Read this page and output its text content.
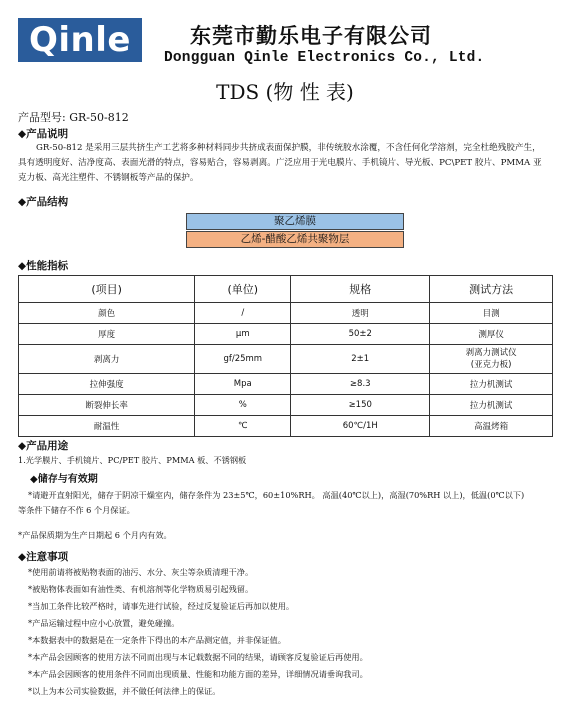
Qinle	东莞市勤乐电子有限公司
Dongguan Qinle Electronics Co., Ltd.
TDS (物 性 表)
产品型号: GR-50-812
◆产品说明
GR-50-812 是采用三层共挤生产工艺将多种材料同步共挤成表面保护膜，非传统胶水涂覆，不含任何化学溶剂，完全杜绝残胶产生，
具有透明度好、洁净度高、表面光滑的特点，容易贴合，容易剥离。广泛应用于光电膜片、手机镜片、导光板、PC\PET 胶片、PMMA 亚
克力板、高光注塑件、不锈钢板等产品的保护。
◆产品结构
聚乙烯膜
乙烯-醋酸乙烯共聚物层
◆性能指标
(项目)	(单位)	规格	测试方法
颜色	/	透明	目测
厚度	μm	50±2	测厚仪
剥离力	gf/25mm	2±1	剥离力测试仪
(亚克力板)
拉伸强度	Mpa	≥8.3	拉力机测试
断裂伸长率	%	≥150	拉力机测试
耐温性	℃	60℃/1H	高温烤箱
◆产品用途
1.光学膜片、手机镜片、PC/PET 胶片、PMMA 板、不锈钢板
◆储存与有效期
*请避开直射阳光，储存于阴凉干燥室内，储存条件为 23±5℃，60±10%RH。 高温(40℃以上)，高湿(70%RH 以上)，低温(0℃以下)
等条件下储存不作 6 个月保证。
*产品保质期为生产日期起 6 个月内有效。
◆注意事项
*使用前请将被贴物表面的油污、水分、灰尘等杂质清理干净。
*被贴物体表面如有油性类、有机溶剂等化学物质易引起残留。
*当加工条件比较严格时，请事先进行试验，经过反复验证后再加以使用。
*产品运输过程中应小心放置，避免碰撞。
*本数据表中的数据是在一定条件下得出的本产品测定值，并非保证值。
*本产品会因顾客的使用方法不同而出现与本记载数据不同的结果，请顾客反复验证后再使用。
*本产品会因顾客的使用条件不同而出现质量、性能和功能方面的差异，详细情况请垂询我司。
*以上为本公司实验数据，并不做任何法律上的保证。
